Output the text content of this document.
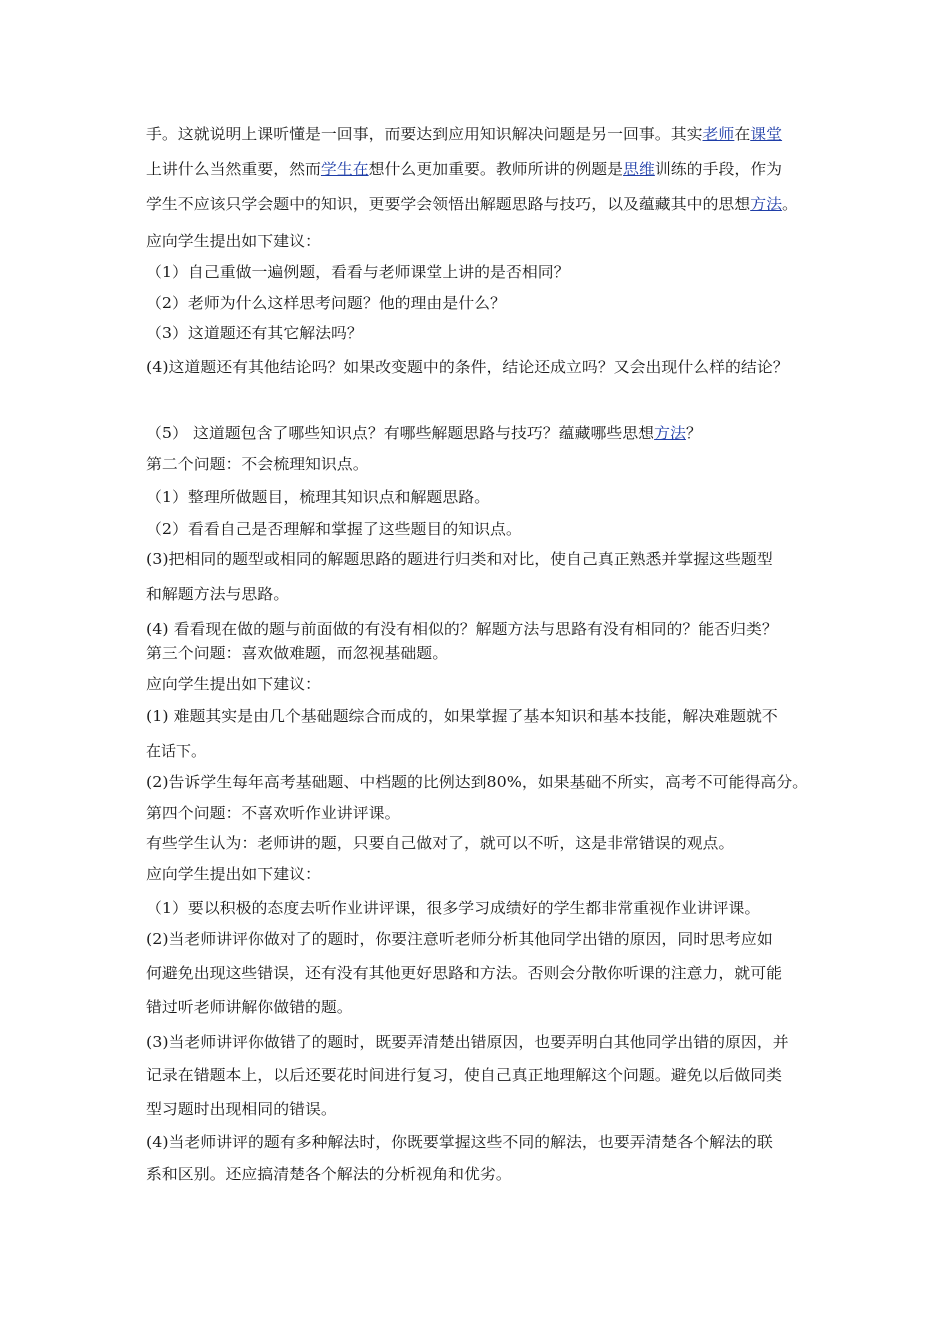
手。这就说明上课听懂是一回事，而要达到应用知识解决问题是另一回事。其实老师在课堂

上讲什么当然重要，然而学生在想什么更加重要。教师所讲的例题是思维训练的手段，作为

学生不应该只学会题中的知识，更要学会领悟出解题思路与技巧，以及蕴藏其中的思想方法。

应向学生提出如下建议：

（1）自己重做一遍例题，看看与老师课堂上讲的是否相同？

（2）老师为什么这样思考问题？他的理由是什么？

（3）这道题还有其它解法吗？

(4)这道题还有其他结论吗？如果改变题中的条件，结论还成立吗？又会出现什么样的结论？

（5） 这道题包含了哪些知识点？有哪些解题思路与技巧？蕴藏哪些思想方法？

第二个问题：不会梳理知识点。

（1）整理所做题目，梳理其知识点和解题思路。

（2）看看自己是否理解和掌握了这些题目的知识点。

(3)把相同的题型或相同的解题思路的题进行归类和对比，使自己真正熟悉并掌握这些题型

和解题方法与思路。

(4) 看看现在做的题与前面做的有没有相似的？解题方法与思路有没有相同的？能否归类？

第三个问题：喜欢做难题，而忽视基础题。

应向学生提出如下建议：

(1) 难题其实是由几个基础题综合而成的，如果掌握了基本知识和基本技能，解决难题就不

在话下。

(2)告诉学生每年高考基础题、中档题的比例达到80%，如果基础不所实，高考不可能得高分。

第四个问题：不喜欢听作业讲评课。

有些学生认为：老师讲的题，只要自己做对了，就可以不听，这是非常错误的观点。

应向学生提出如下建议：

（1）要以积极的态度去听作业讲评课，很多学习成绩好的学生都非常重视作业讲评课。

(2)当老师讲评你做对了的题时，你要注意听老师分析其他同学出错的原因，同时思考应如

何避免出现这些错误，还有没有其他更好思路和方法。否则会分散你听课的注意力，就可能

错过听老师讲解你做错的题。

(3)当老师讲评你做错了的题时，既要弄清楚出错原因，也要弄明白其他同学出错的原因，并

记录在错题本上，以后还要花时间进行复习，使自己真正地理解这个问题。避免以后做同类

型习题时出现相同的错误。

(4)当老师讲评的题有多种解法时，你既要掌握这些不同的解法，也要弄清楚各个解法的联

系和区别。还应搞清楚各个解法的分析视角和优劣。
